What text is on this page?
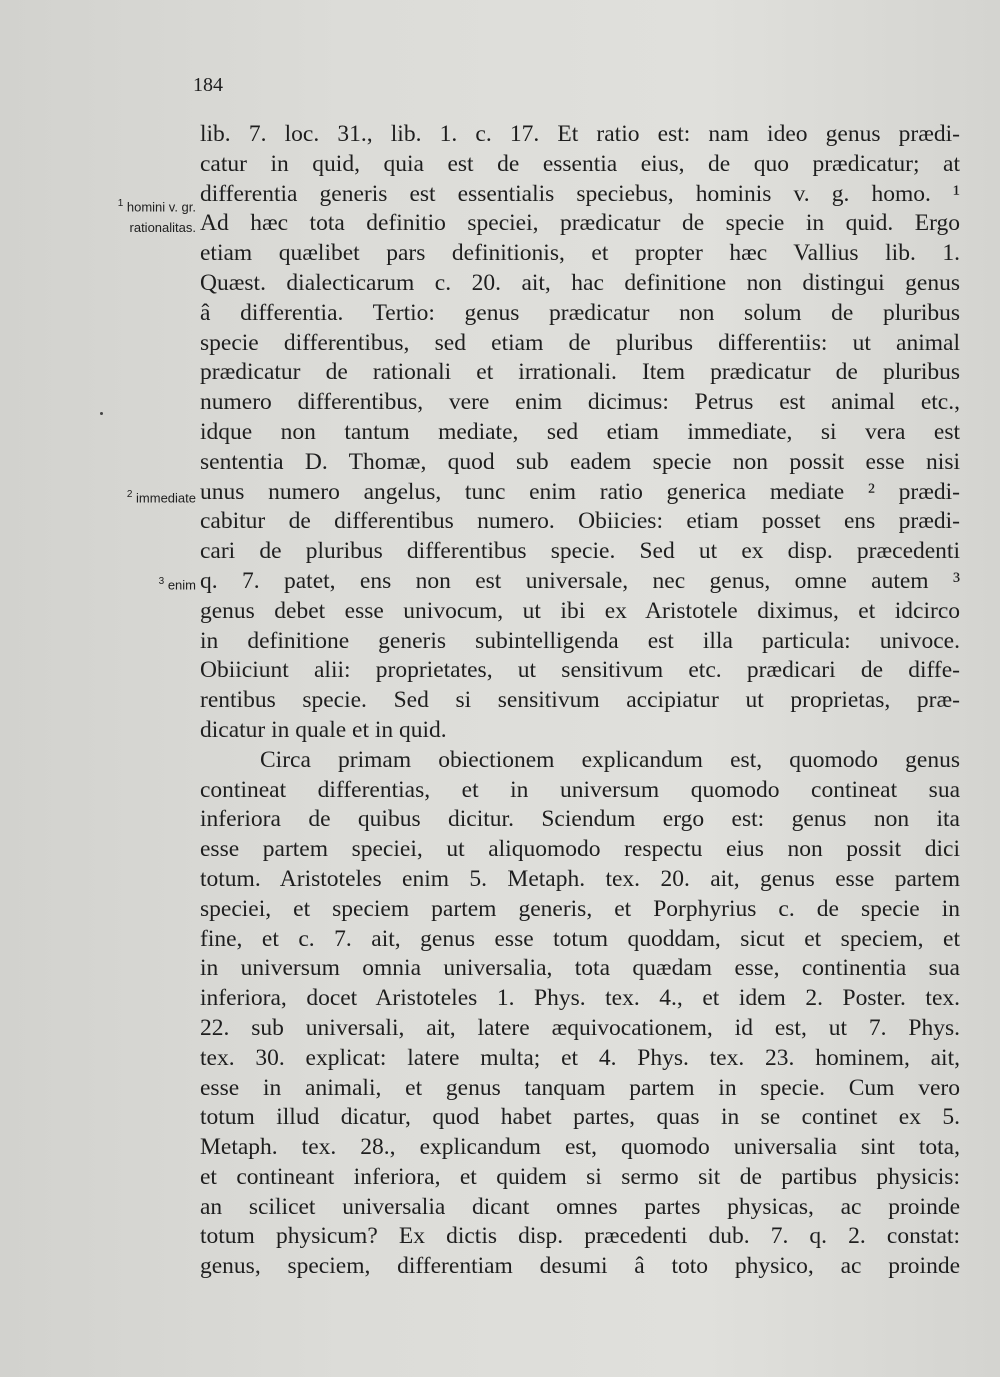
184
$^1$ homini v. gr.
rationalitas.
$^2$ immediate
$^3$ enim
lib. 7. loc. 31., lib. 1. c. 17. Et ratio est: nam ideo genus prædi-
catur in quid, quia est de essentia eius, de quo prædicatur; at
differentia generis est essentialis speciebus, hominis v. g. homo. ¹
Ad hæc tota definitio speciei, prædicatur de specie in quid. Ergo
etiam quælibet pars definitionis, et propter hæc Vallius lib. 1.
Quæst. dialecticarum c. 20. ait, hac definitione non distingui genus
â differentia. Tertio: genus prædicatur non solum de pluribus
specie differentibus, sed etiam de pluribus differentiis: ut animal
prædicatur de rationali et irrationali. Item prædicatur de pluribus
numero differentibus, vere enim dicimus: Petrus est animal etc.,
idque non tantum mediate, sed etiam immediate, si vera est
sententia D. Thomæ, quod sub eadem specie non possit esse nisi
unus numero angelus, tunc enim ratio generica mediate ² prædi-
cabitur de differentibus numero. Obiicies: etiam posset ens prædi-
cari de pluribus differentibus specie. Sed ut ex disp. præcedenti
q. 7. patet, ens non est universale, nec genus, omne autem ³
genus debet esse univocum, ut ibi ex Aristotele diximus, et idcirco
in definitione generis subintelligenda est illa particula: univoce.
Obiiciunt alii: proprietates, ut sensitivum etc. prædicari de diffe-
rentibus specie. Sed si sensitivum accipiatur ut proprietas, præ-
dicatur in quale et in quid.
Circa primam obiectionem explicandum est, quomodo genus
contineat differentias, et in universum quomodo contineat sua
inferiora de quibus dicitur. Sciendum ergo est: genus non ita
esse partem speciei, ut aliquomodo respectu eius non possit dici
totum. Aristoteles enim 5. Metaph. tex. 20. ait, genus esse partem
speciei, et speciem partem generis, et Porphyrius c. de specie in
fine, et c. 7. ait, genus esse totum quoddam, sicut et speciem, et
in universum omnia universalia, tota quædam esse, continentia sua
inferiora, docet Aristoteles 1. Phys. tex. 4., et idem 2. Poster. tex.
22. sub universali, ait, latere æquivocationem, id est, ut 7. Phys.
tex. 30. explicat: latere multa; et 4. Phys. tex. 23. hominem, ait,
esse in animali, et genus tanquam partem in specie. Cum vero
totum illud dicatur, quod habet partes, quas in se continet ex 5.
Metaph. tex. 28., explicandum est, quomodo universalia sint tota,
et contineant inferiora, et quidem si sermo sit de partibus physicis:
an scilicet universalia dicant omnes partes physicas, ac proinde
totum physicum? Ex dictis disp. præcedenti dub. 7. q. 2. constat:
genus, speciem, differentiam desumi â toto physico, ac proinde
